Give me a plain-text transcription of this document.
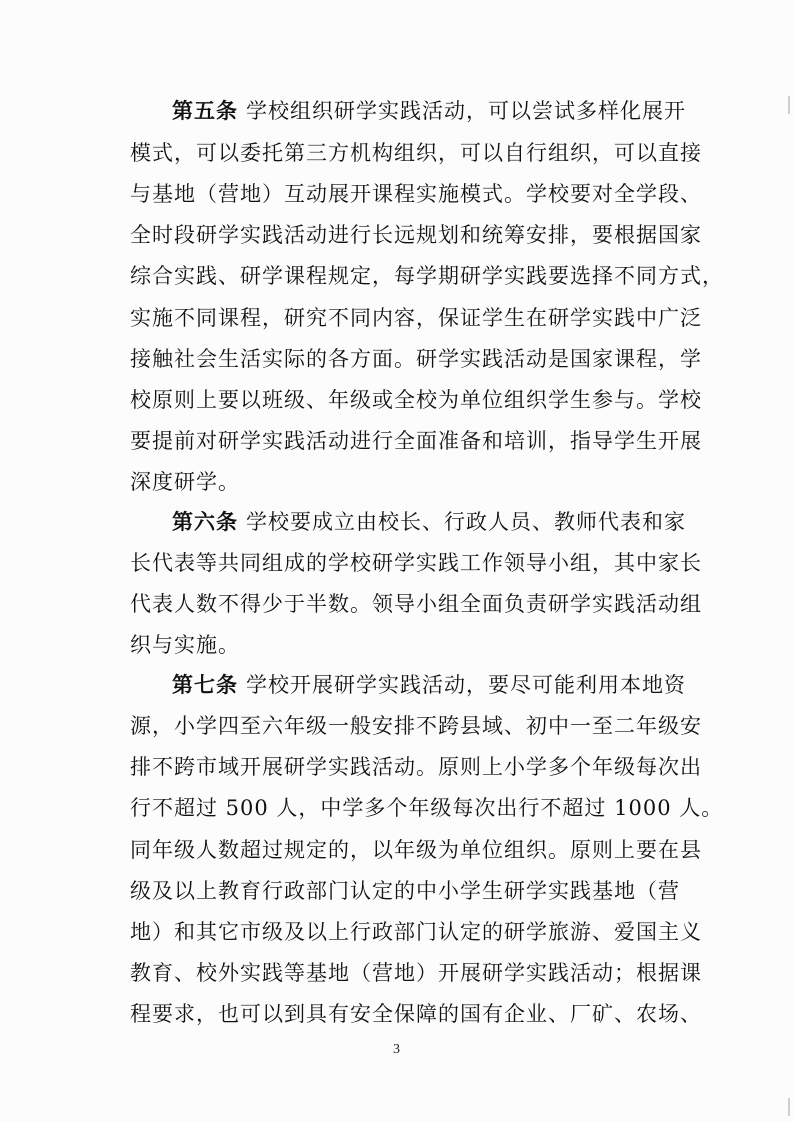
第五条 学校组织研学实践活动，可以尝试多样化展开
模式，可以委托第三方机构组织，可以自行组织，可以直接
与基地（营地）互动展开课程实施模式。学校要对全学段、
全时段研学实践活动进行长远规划和统筹安排，要根据国家
综合实践、研学课程规定，每学期研学实践要选择不同方式，
实施不同课程，研究不同内容，保证学生在研学实践中广泛
接触社会生活实际的各方面。研学实践活动是国家课程，学
校原则上要以班级、年级或全校为单位组织学生参与。学校
要提前对研学实践活动进行全面准备和培训，指导学生开展
深度研学。
第六条 学校要成立由校长、行政人员、教师代表和家
长代表等共同组成的学校研学实践工作领导小组，其中家长
代表人数不得少于半数。领导小组全面负责研学实践活动组
织与实施。
第七条 学校开展研学实践活动，要尽可能利用本地资
源，小学四至六年级一般安排不跨县域、初中一至二年级安
排不跨市域开展研学实践活动。原则上小学多个年级每次出
行不超过 500 人，中学多个年级每次出行不超过 1000 人。
同年级人数超过规定的，以年级为单位组织。原则上要在县
级及以上教育行政部门认定的中小学生研学实践基地（营
地）和其它市级及以上行政部门认定的研学旅游、爱国主义
教育、校外实践等基地（营地）开展研学实践活动；根据课
程要求，也可以到具有安全保障的国有企业、厂矿、农场、
3
